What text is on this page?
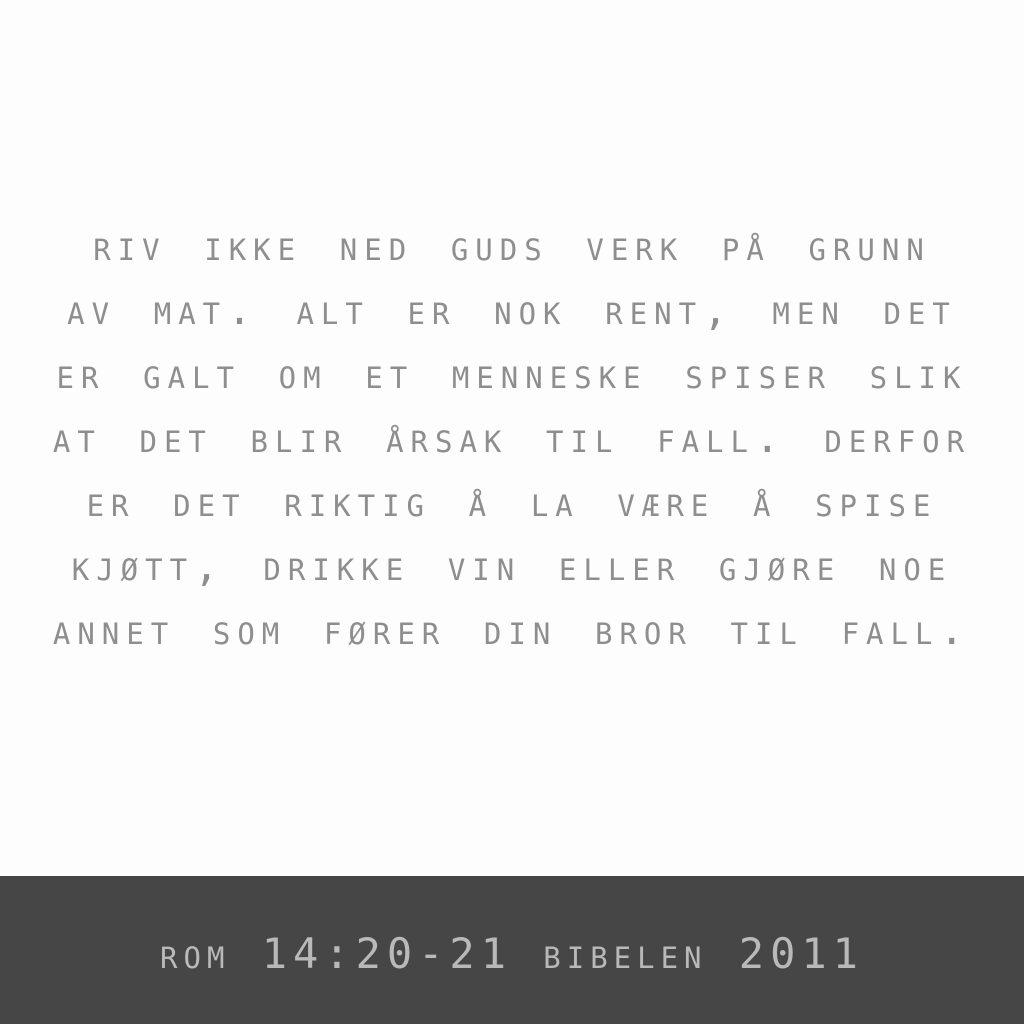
riv ikke ned guds verk på grunn av mat. alt er nok rent, men det er galt om et menneske spiser slik at det blir årsak til fall. derfor er det riktig å la være å spise kjøtt, drikke vin eller gjøre noe annet som fører din bror til fall.
rom 14:20-21 bibelen 2011
